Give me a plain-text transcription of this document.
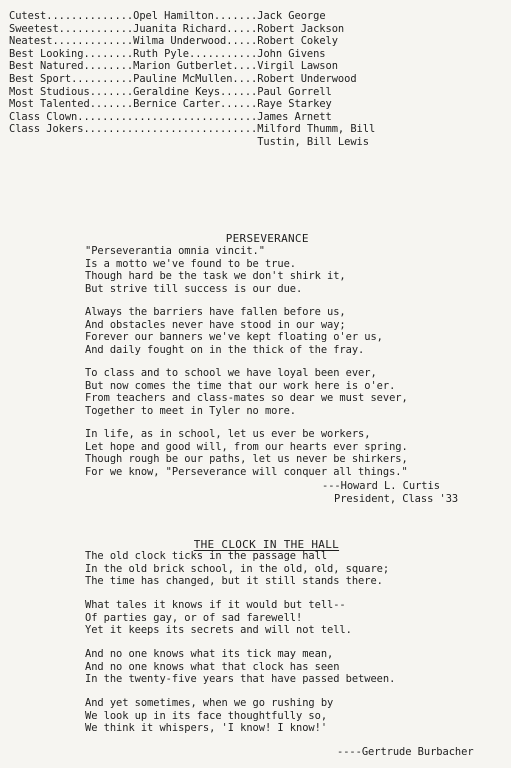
Cutest..............Opel Hamilton.......Jack George
Sweetest............Juanita Richard.....Robert Jackson
Neatest.............Wilma Underwood.....Robert Cokely
Best Looking........Ruth Pyle...........John Givens
Best Natured........Marion Gutberlet....Virgil Lawson
Best Sport..........Pauline McMullen....Robert Underwood
Most Studious.......Geraldine Keys......Paul Gorrell
Most Talented.......Bernice Carter......Raye Starkey
Class Clown.............................James Arnett
Class Jokers............................Milford Thumm, Bill
Tustin, Bill Lewis

PERSEVERANCE

"Perseverantia omnia vincit."
Is a motto we've found to be true.
Though hard be the task we don't shirk it,
But strive till success is our due.
Always the barriers have fallen before us,
And obstacles never have stood in our way;
Forever our banners we've kept floating o'er us,
And daily fought on in the thick of the fray.
To class and to school we have loyal been ever,
But now comes the time that our work here is o'er.
From teachers and class-mates so dear we must sever,
Together to meet in Tyler no more.
In life, as in school, let us ever be workers,
Let hope and good will, from our hearts ever spring.
Though rough be our paths, let us never be shirkers,
For we know, "Perseverance will conquer all things."
---Howard L. Curtis
President, Class '33

THE CLOCK IN THE HALL

The old clock ticks in the passage hall
In the old brick school, in the old, old, square;
The time has changed, but it still stands there.
What tales it knows if it would but tell--
Of parties gay, or of sad farewell!
Yet it keeps its secrets and will not tell.
And no one knows what its tick may mean,
And no one knows what that clock has seen
In the twenty-five years that have passed between.
And yet sometimes, when we go rushing by
We look up in its face thoughtfully so,
We think it whispers, 'I know! I know!'
----Gertrude Burbacher
